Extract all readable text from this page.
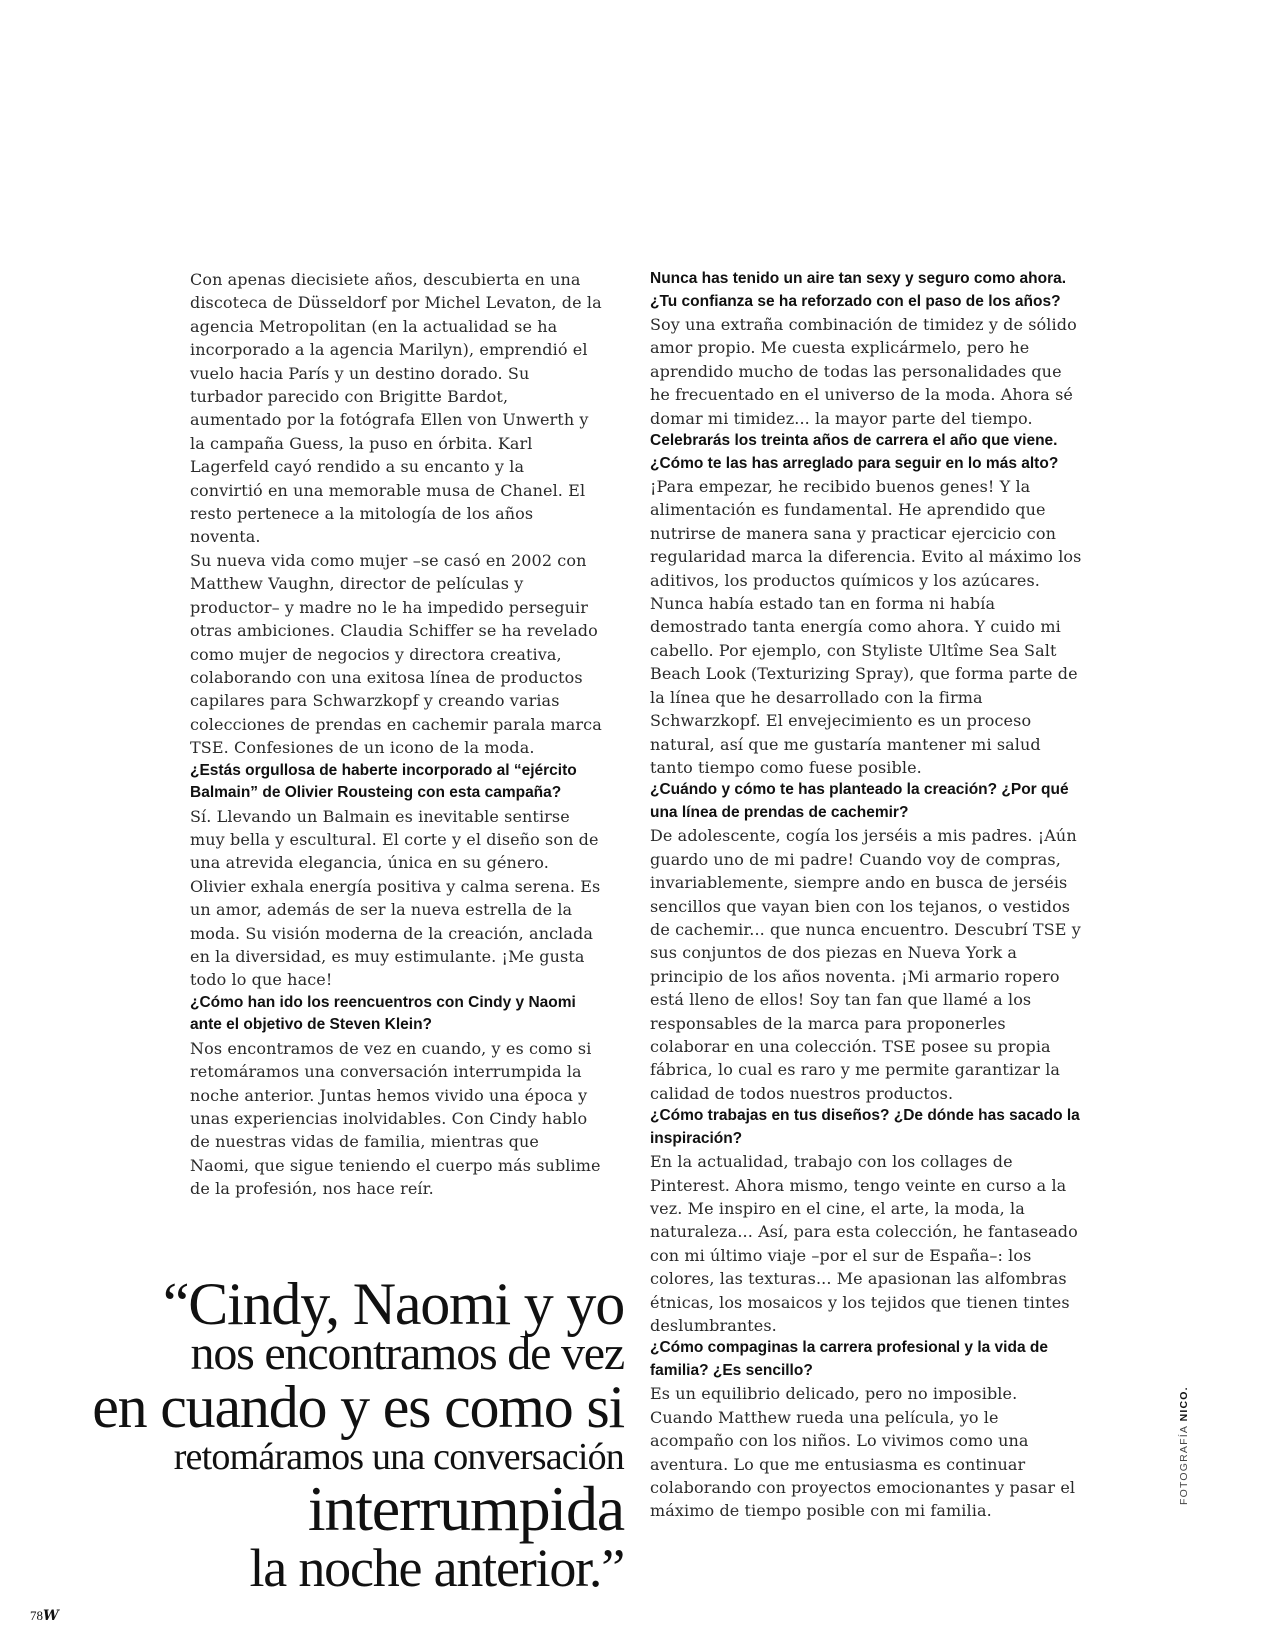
Con apenas diecisiete años, descubierta en una discoteca de Düsseldorf por Michel Levaton, de la agencia Metropolitan (en la actualidad se ha incorporado a la agencia Marilyn), emprendió el vuelo hacia París y un destino dorado. Su turbador parecido con Brigitte Bardot, aumentado por la fotógrafa Ellen von Unwerth y la campaña Guess, la puso en órbita. Karl Lagerfeld cayó rendido a su encanto y la convirtió en una memorable musa de Chanel. El resto pertenece a la mitología de los años noventa.

Su nueva vida como mujer –se casó en 2002 con Matthew Vaughn, director de películas y productor– y madre no le ha impedido perseguir otras ambiciones. Claudia Schiffer se ha revelado como mujer de negocios y directora creativa, colaborando con una exitosa línea de productos capilares para Schwarzkopf y creando varias colecciones de prendas en cachemir parala marca TSE. Confesiones de un icono de la moda.

¿Estás orgullosa de haberte incorporado al “ejército Balmain” de Olivier Rousteing con esta campaña?

Sí. Llevando un Balmain es inevitable sentirse muy bella y escultural. El corte y el diseño son de una atrevida elegancia, única en su género. Olivier exhala energía positiva y calma serena. Es un amor, además de ser la nueva estrella de la moda. Su visión moderna de la creación, anclada en la diversidad, es muy estimulante. ¡Me gusta todo lo que hace!

¿Cómo han ido los reencuentros con Cindy y Naomi ante el objetivo de Steven Klein?

Nos encontramos de vez en cuando, y es como si retomáramos una conversación interrumpida la noche anterior. Juntas hemos vivido una época y unas experiencias inolvidables. Con Cindy hablo de nuestras vidas de familia, mientras que Naomi, que sigue teniendo el cuerpo más sublime de la profesión, nos hace reír.

Nunca has tenido un aire tan sexy y seguro como ahora. ¿Tu confianza se ha reforzado con el paso de los años?

Soy una extraña combinación de timidez y de sólido amor propio. Me cuesta explicármelo, pero he aprendido mucho de todas las personalidades que he frecuentado en el universo de la moda. Ahora sé domar mi timidez... la mayor parte del tiempo.

Celebrarás los treinta años de carrera el año que viene. ¿Cómo te las has arreglado para seguir en lo más alto?

¡Para empezar, he recibido buenos genes! Y la alimentación es fundamental. He aprendido que nutrirse de manera sana y practicar ejercicio con regularidad marca la diferencia. Evito al máximo los aditivos, los productos químicos y los azúcares. Nunca había estado tan en forma ni había demostrado tanta energía como ahora. Y cuido mi cabello. Por ejemplo, con Styliste Ultîme Sea Salt Beach Look (Texturizing Spray), que forma parte de la línea que he desarrollado con la firma Schwarzkopf. El envejecimiento es un proceso natural, así que me gustaría mantener mi salud tanto tiempo como fuese posible.

¿Cuándo y cómo te has planteado la creación? ¿Por qué una línea de prendas de cachemir?

De adolescente, cogía los jerséis a mis padres. ¡Aún guardo uno de mi padre! Cuando voy de compras, invariablemente, siempre ando en busca de jerséis sencillos que vayan bien con los tejanos, o vestidos de cachemir... que nunca encuentro. Descubrí TSE y sus conjuntos de dos piezas en Nueva York a principio de los años noventa. ¡Mi armario ropero está lleno de ellos! Soy tan fan que llamé a los responsables de la marca para proponerles colaborar en una colección. TSE posee su propia fábrica, lo cual es raro y me permite garantizar la calidad de todos nuestros productos.

¿Cómo trabajas en tus diseños? ¿De dónde has sacado la inspiración?

En la actualidad, trabajo con los collages de Pinterest. Ahora mismo, tengo veinte en curso a la vez. Me inspiro en el cine, el arte, la moda, la naturaleza... Así, para esta colección, he fantaseado con mi último viaje –por el sur de España–: los colores, las texturas... Me apasionan las alfombras étnicas, los mosaicos y los tejidos que tienen tintes deslumbrantes.

¿Cómo compaginas la carrera profesional y la vida de familia? ¿Es sencillo?

Es un equilibrio delicado, pero no imposible. Cuando Matthew rueda una película, yo le acompaño con los niños. Lo vivimos como una aventura. Lo que me entusiasma es continuar colaborando con proyectos emocionantes y pasar el máximo de tiempo posible con mi familia.

“Cindy, Naomi y yo
nos encontramos de vez
en cuando y es como si
retomáramos una conversación
interrumpida
la noche anterior.”
78W
FOTOGRAFÍA NICO.
